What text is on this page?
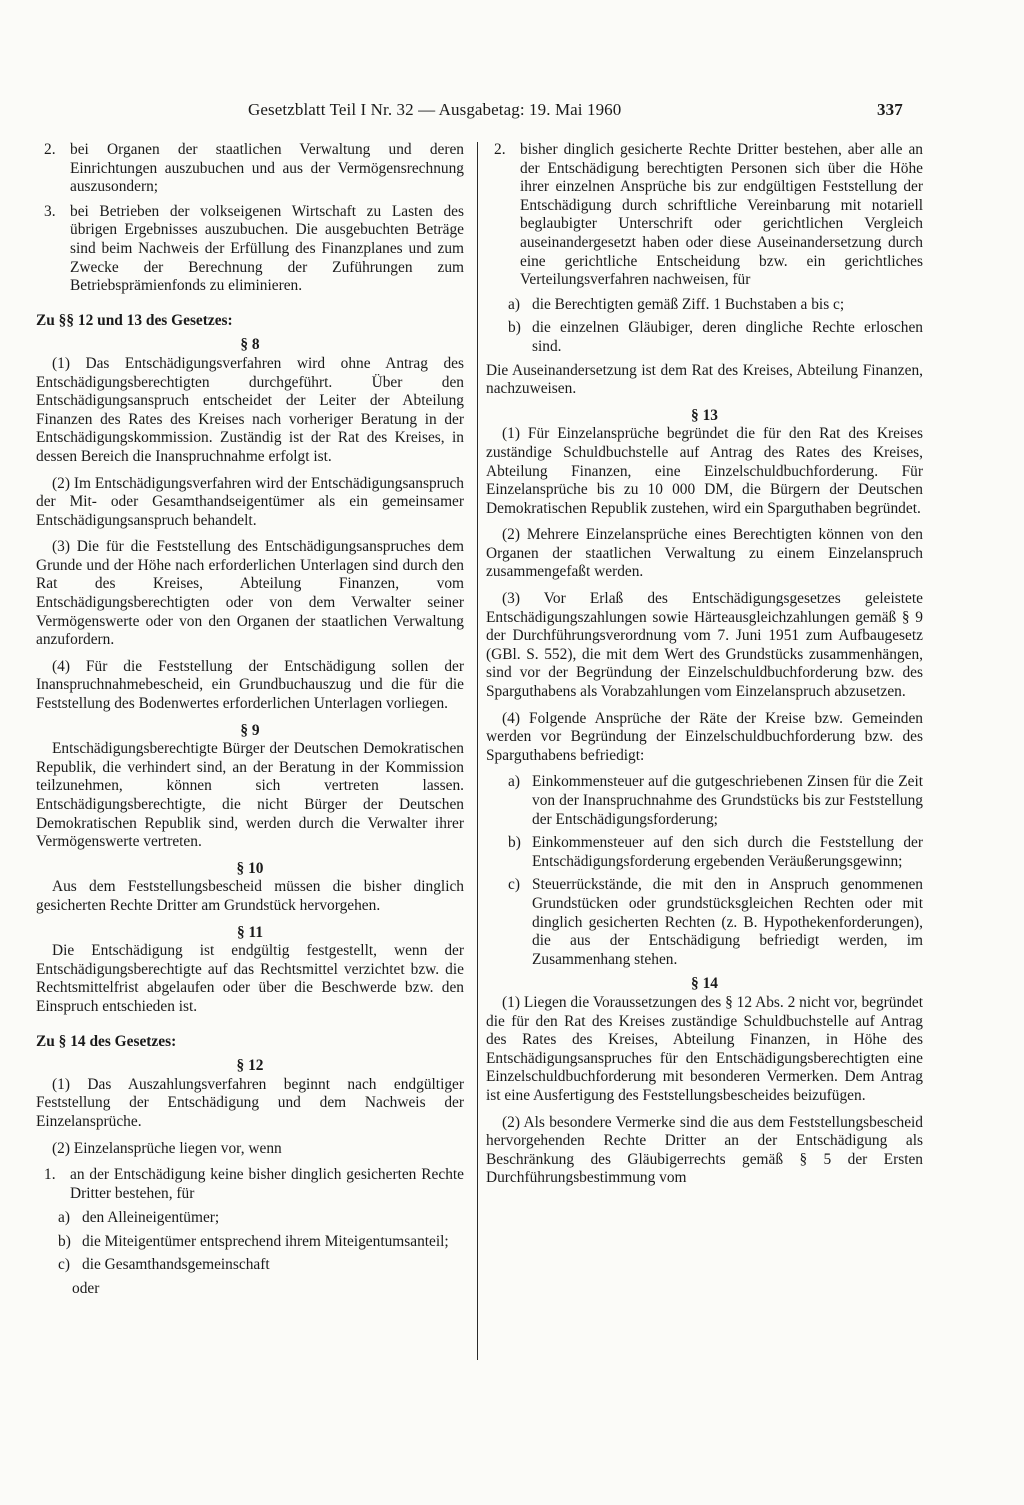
Gesetzblatt Teil I Nr. 32 — Ausgabetag: 19. Mai 1960	337
2. bei Organen der staatlichen Verwaltung und deren Einrichtungen auszubuchen und aus der Vermögensrechnung auszusondern;
3. bei Betrieben der volkseigenen Wirtschaft zu Lasten des übrigen Ergebnisses auszubuchen. Die ausgebuchten Beträge sind beim Nachweis der Erfüllung des Finanzplanes und zum Zwecke der Berechnung der Zuführungen zum Betriebsprämienfonds zu eliminieren.
Zu §§ 12 und 13 des Gesetzes:
§ 8

(1) Das Entschädigungsverfahren wird ohne Antrag des Entschädigungsberechtigten durchgeführt. Über den Entschädigungsanspruch entscheidet der Leiter der Abteilung Finanzen des Rates des Kreises nach vorheriger Beratung in der Entschädigungskommission. Zuständig ist der Rat des Kreises, in dessen Bereich die Inanspruchnahme erfolgt ist.

(2) Im Entschädigungsverfahren wird der Entschädigungsanspruch der Mit- oder Gesamthandseigentümer als ein gemeinsamer Entschädigungsanspruch behandelt.

(3) Die für die Feststellung des Entschädigungsanspruches dem Grunde und der Höhe nach erforderlichen Unterlagen sind durch den Rat des Kreises, Abteilung Finanzen, vom Entschädigungsberechtigten oder von dem Verwalter seiner Vermögenswerte oder von den Organen der staatlichen Verwaltung anzufordern.

(4) Für die Feststellung der Entschädigung sollen der Inanspruchnahmebescheid, ein Grundbuchauszug und die für die Feststellung des Bodenwertes erforderlichen Unterlagen vorliegen.

§ 9

Entschädigungsberechtigte Bürger der Deutschen Demokratischen Republik, die verhindert sind, an der Beratung in der Kommission teilzunehmen, können sich vertreten lassen. Entschädigungsberechtigte, die nicht Bürger der Deutschen Demokratischen Republik sind, werden durch die Verwalter ihrer Vermögenswerte vertreten.

§ 10

Aus dem Feststellungsbescheid müssen die bisher dinglich gesicherten Rechte Dritter am Grundstück hervorgehen.

§ 11

Die Entschädigung ist endgültig festgestellt, wenn der Entschädigungsberechtigte auf das Rechtsmittel verzichtet bzw. die Rechtsmittelfrist abgelaufen oder über die Beschwerde bzw. den Einspruch entschieden ist.

Zu § 14 des Gesetzes:
§ 12

(1) Das Auszahlungsverfahren beginnt nach endgültiger Feststellung der Entschädigung und dem Nachweis der Einzelansprüche.

(2) Einzelansprüche liegen vor, wenn

1. an der Entschädigung keine bisher dinglich gesicherten Rechte Dritter bestehen, für
a) den Alleineigentümer;
b) die Miteigentümer entsprechend ihrem Miteigentumsanteil;
c) die Gesamthandsgemeinschaft
oder
2. bisher dinglich gesicherte Rechte Dritter bestehen, aber alle an der Entschädigung berechtigten Personen sich über die Höhe ihrer einzelnen Ansprüche bis zur endgültigen Feststellung der Entschädigung durch schriftliche Vereinbarung mit notariell beglaubigter Unterschrift oder gerichtlichen Vergleich auseinandergesetzt haben oder diese Auseinandersetzung durch eine gerichtliche Entscheidung bzw. ein gerichtliches Verteilungsverfahren nachweisen, für
a) die Berechtigten gemäß Ziff. 1 Buchstaben a bis c;
b) die einzelnen Gläubiger, deren dingliche Rechte erloschen sind.

Die Auseinandersetzung ist dem Rat des Kreises, Abteilung Finanzen, nachzuweisen.

§ 13

(1) Für Einzelansprüche begründet die für den Rat des Kreises zuständige Schuldbuchstelle auf Antrag des Rates des Kreises, Abteilung Finanzen, eine Einzelschuldbuchforderung. Für Einzelansprüche bis zu 10 000 DM, die Bürgern der Deutschen Demokratischen Republik zustehen, wird ein Sparguthaben begründet.

(2) Mehrere Einzelansprüche eines Berechtigten können von den Organen der staatlichen Verwaltung zu einem Einzelanspruch zusammengefaßt werden.

(3) Vor Erlaß des Entschädigungsgesetzes geleistete Entschädigungszahlungen sowie Härteausgleichzahlungen gemäß § 9 der Durchführungsverordnung vom 7. Juni 1951 zum Aufbaugesetz (GBl. S. 552), die mit dem Wert des Grundstücks zusammenhängen, sind vor der Begründung der Einzelschuldbuchforderung bzw. des Sparguthabens als Vorabzahlungen vom Einzelanspruch abzusetzen.

(4) Folgende Ansprüche der Räte der Kreise bzw. Gemeinden werden vor Begründung der Einzelschuldbuchforderung bzw. des Sparguthabens befriedigt:

a) Einkommensteuer auf die gutgeschriebenen Zinsen für die Zeit von der Inanspruchnahme des Grundstücks bis zur Feststellung der Entschädigungsforderung;
b) Einkommensteuer auf den sich durch die Feststellung der Entschädigungsforderung ergebenden Veräußerungsgewinn;
c) Steuerrückstände, die mit den in Anspruch genommenen Grundstücken oder grundstücksgleichen Rechten oder mit dinglich gesicherten Rechten (z. B. Hypothekenforderungen), die aus der Entschädigung befriedigt werden, im Zusammenhang stehen.
§ 14

(1) Liegen die Voraussetzungen des § 12 Abs. 2 nicht vor, begründet die für den Rat des Kreises zuständige Schuldbuchstelle auf Antrag des Rates des Kreises, Abteilung Finanzen, in Höhe des Entschädigungsanspruches für den Entschädigungsberechtigten eine Einzelschuldbuchforderung mit besonderen Vermerken. Dem Antrag ist eine Ausfertigung des Feststellungsbescheides beizufügen.

(2) Als besondere Vermerke sind die aus dem Feststellungsbescheid hervorgehenden Rechte Dritter an der Entschädigung als Beschränkung des Gläubigerrechts gemäß § 5 der Ersten Durchführungsbestimmung vom
